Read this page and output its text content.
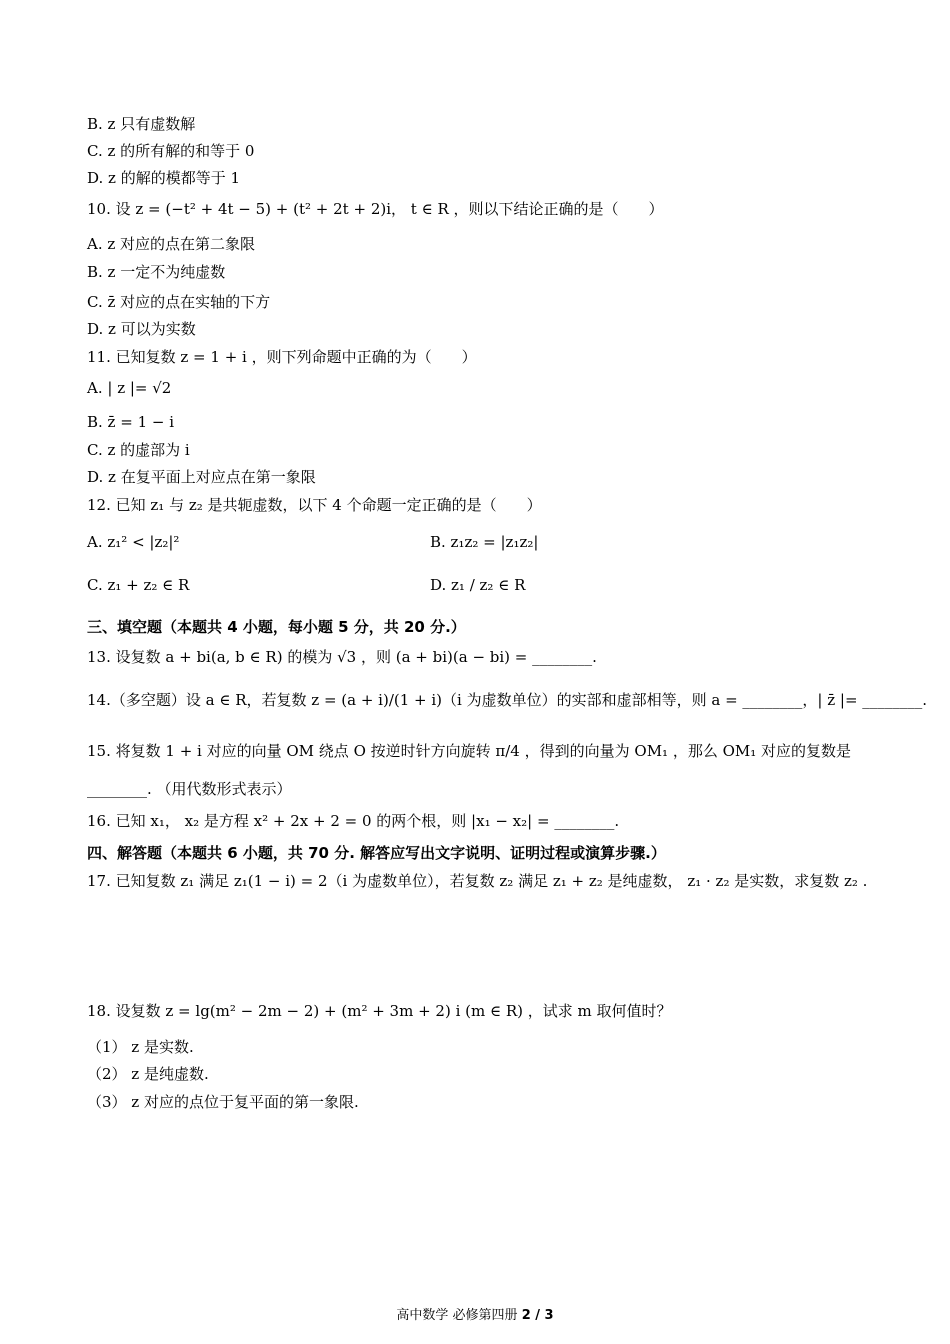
B. z 只有虚数解
C. z 的所有解的和等于 0
D. z 的解的模都等于 1
10. 设 z = (−t² + 4t − 5) + (t² + 2t + 2)i， t ∈ R ，则以下结论正确的是（　　）
A. z 对应的点在第二象限
B. z 一定不为纯虚数
C. z̄ 对应的点在实轴的下方
D. z 可以为实数
11. 已知复数 z = 1 + i ，则下列命题中正确的为（　　）
A. | z |= √2
B. z̄ = 1 − i
C. z 的虚部为 i
D. z 在复平面上对应点在第一象限
12. 已知 z₁ 与 z₂ 是共轭虚数，以下 4 个命题一定正确的是（　　）
A. z₁² < |z₂|²	B. z₁z₂ = |z₁z₂|
C. z₁ + z₂ ∈ R	D. z₁ / z₂ ∈ R
三、填空题（本题共 4 小题，每小题 5 分，共 20 分.）
13. 设复数 a + bi(a, b ∈ R) 的模为 √3 ，则 (a + bi)(a − bi) = ________.
14.（多空题）设 a ∈ R，若复数 z = (a + i)/(1 + i)（i 为虚数单位）的实部和虚部相等，则 a = ________，| z̄ |= ________.
15. 将复数 1 + i 对应的向量 OM 绕点 O 按逆时针方向旋转 π/4 ，得到的向量为 OM₁ ，那么 OM₁ 对应的复数是
________. （用代数形式表示）
16. 已知 x₁， x₂ 是方程 x² + 2x + 2 = 0 的两个根，则 |x₁ − x₂| = ________.
四、解答题（本题共 6 小题，共 70 分. 解答应写出文字说明、证明过程或演算步骤.）
17. 已知复数 z₁ 满足 z₁(1 − i) = 2（i 为虚数单位），若复数 z₂ 满足 z₁ + z₂ 是纯虚数， z₁ · z₂ 是实数，求复数 z₂ .
18. 设复数 z = lg(m² − 2m − 2) + (m² + 3m + 2) i (m ∈ R) ，试求 m 取何值时？
（1） z 是实数.
（2） z 是纯虚数.
（3） z 对应的点位于复平面的第一象限.
高中数学 必修第四册 2 / 3
